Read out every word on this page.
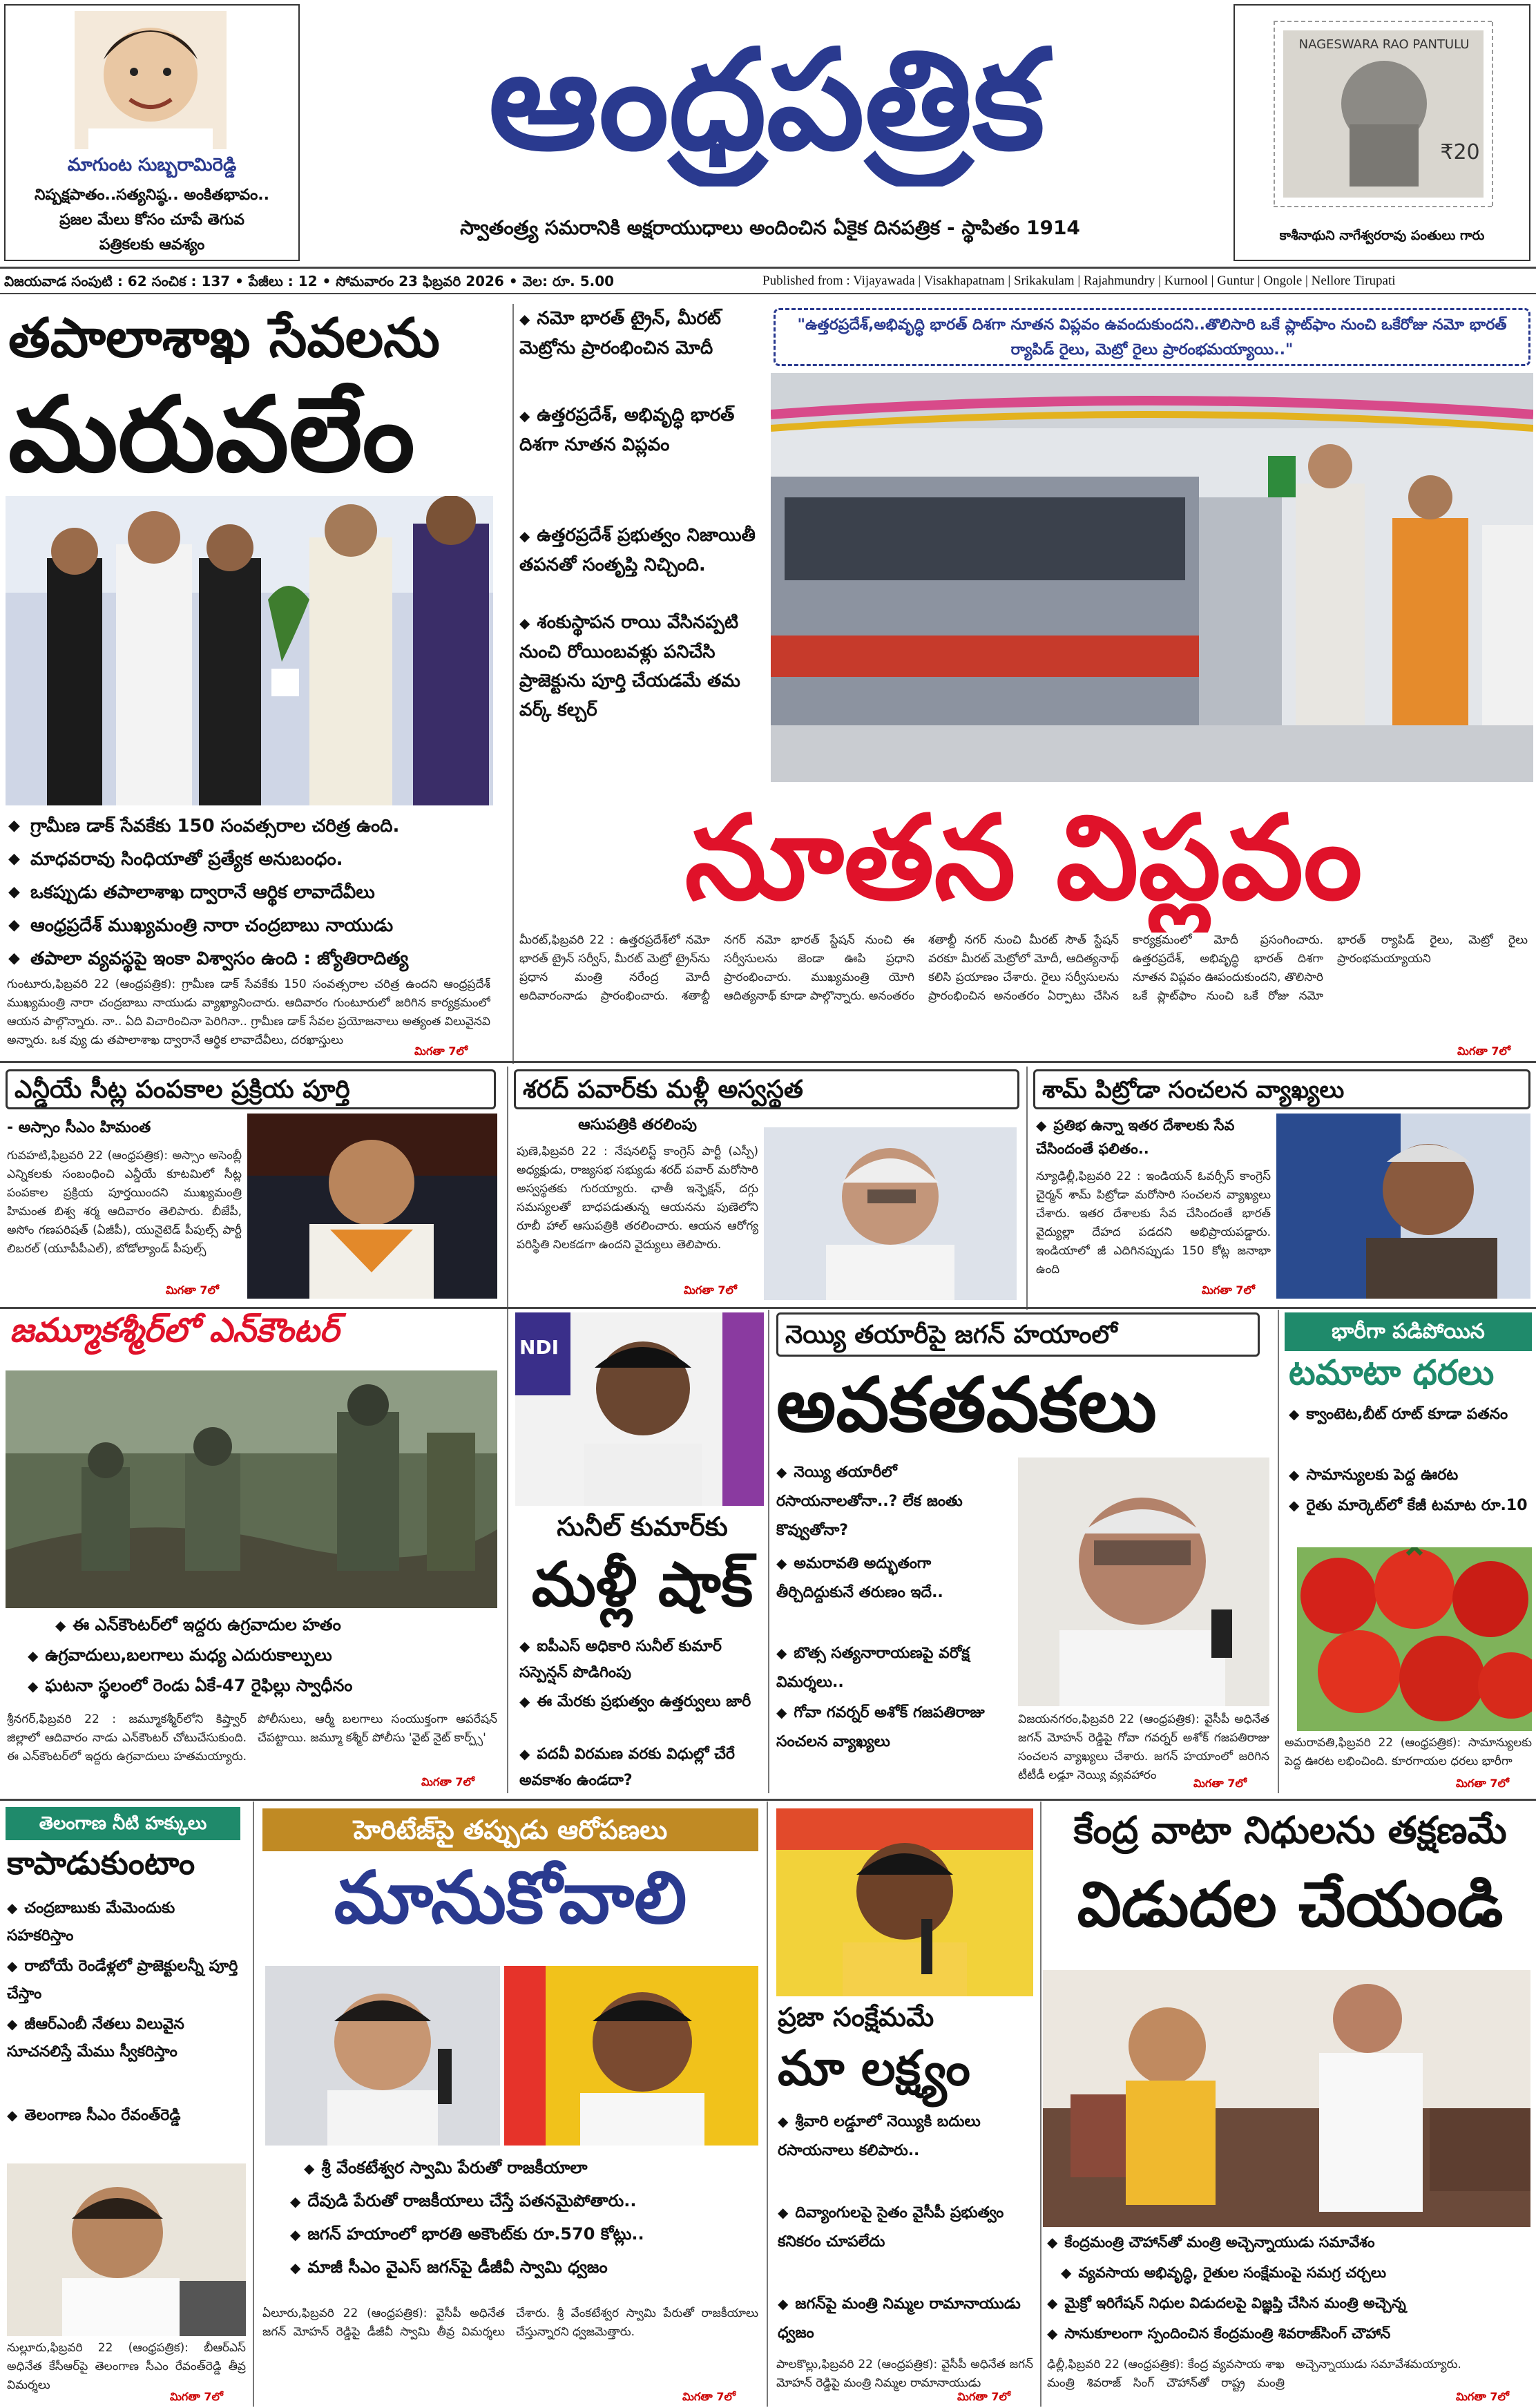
మాగుంట సుబ్బరామిరెడ్డి
నిష్పక్షపాతం..సత్యనిష్ఠ.. అంకితభావం..
ప్రజల మేలు కోసం చూపే తెగువ
పత్రికలకు ఆవశ్యం
ఆంధ్రపత్రిక
స్వాతంత్ర్య సమరానికి అక్షరాయుధాలు అందించిన ఏకైక దినపత్రిక - స్థాపితం 1914
NAGESWARA RAO PANTULU
₹20
కాశీనాథుని నాగేశ్వరరావు పంతులు గారు
విజయవాడ సంపుటి : 62 సంచిక : 137 • పేజీలు : 12 • సోమవారం 23 ఫిబ్రవరి 2026 • వెల: రూ. 5.00	Published from : Vijayawada | Visakhapatnam | Srikakulam | Rajahmundry | Kurnool | Guntur | Ongole | Nellore Tirupati
తపాలాశాఖ సేవలను
మరువలేం
◆ గ్రామీణ డాక్ సేవకేకు 150 సంవత్సరాల చరిత్ర ఉంది.
◆ మాధవరావు సింధియాతో ప్రత్యేక అనుబంధం.
◆ ఒకప్పుడు తపాలాశాఖ ద్వారానే ఆర్థిక లావాదేవీలు
◆ ఆంధ్రప్రదేశ్ ముఖ్యమంత్రి నారా చంద్రబాబు నాయుడు
◆ తపాలా వ్యవస్థపై ఇంకా విశ్వాసం ఉంది : జ్యోతిరాదిత్య
గుంటూరు,ఫిబ్రవరి 22 (ఆంధ్రపత్రిక): గ్రామీణ డాక్ సేవకేకు 150 సంవత్సరాల చరిత్ర ఉందని ఆంధ్రప్రదేశ్ ముఖ్యమంత్రి నారా చంద్రబాబు నాయుడు వ్యాఖ్యానించారు. ఆదివారం గుంటూరులో జరిగిన కార్యక్రమంలో ఆయన పాల్గొన్నారు. నా.. ఏది విచారించినా పెరిగినా.. గ్రామీణ డాక్ సేవల ప్రయోజనాలు అత్యంత విలువైనవి అన్నారు. ఒక వ్యు డు తపాలాశాఖ ద్వారానే ఆర్థిక లావాదేవీలు, దరఖాస్తులు
మిగతా 7లో
◆ నమో భారత్ ట్రైన్, మీరట్ మెట్రోను ప్రారంభించిన మోదీ
◆ ఉత్తరప్రదేశ్, అభివృద్ధి భారత్ దిశగా నూతన విప్లవం
◆ ఉత్తరప్రదేశ్ ప్రభుత్వం నిజాయితీ తపనతో సంతృప్తి నిచ్చింది.
◆ శంకుస్థాపన రాయి వేసినప్పటి నుంచి రోయింబవళ్లు పనిచేసి ప్రాజెక్టును పూర్తి చేయడమే తమ వర్క్ కల్చర్
"ఉత్తరప్రదేశ్,అభివృద్ధి భారత్ దిశగా నూతన విప్లవం ఉవందుకుందని..తొలిసారి ఒకే ప్లాట్‌ఫాం నుంచి ఒకేరోజు నమో భారత్ ర్యాపిడ్ రైలు, మెట్రో రైలు ప్రారంభమయ్యాయి.."
నూతన విప్లవం
మీరట్,ఫిబ్రవరి 22 : ఉత్తరప్రదేశ్‌లో నమో భారత్ ట్రైన్ సర్వీస్, మీరట్ మెట్రో ట్రైన్‌ను ప్రధాన మంత్రి నరేంద్ర మోదీ అదివారంనాడు ప్రారంభించారు. శతాబ్దీ నగర్ నమో భారత్ స్టేషన్ నుంచి ఈ సర్వీసులను జెండా ఊపి ప్రధాని ప్రారంభించారు. ముఖ్యమంత్రి యోగి ఆదిత్యనాథ్ కూడా పాల్గొన్నారు. అనంతరం శతాబ్దీ నగర్ నుంచి మీరట్ సౌత్ స్టేషన్ వరకూ మీరట్ మెట్రోలో మోదీ, ఆదిత్యనాథ్ కలిసి ప్రయాణం చేశారు. రైలు సర్వీసులను ప్రారంభించిన అనంతరం ఏర్పాటు చేసిన కార్యక్రమంలో మోదీ ప్రసంగించారు. ఉత్తరప్రదేశ్, అభివృద్ధి భారత్ దిశగా నూతన విప్లవం ఊపందుకుందని, తొలిసారి ఒకే ప్లాట్‌ఫాం నుంచి ఒకే రోజు నమో భారత్ ర్యాపిడ్ రైలు, మెట్రో రైలు ప్రారంభమయ్యాయని
మిగతా 7లో
ఎన్డీయే సీట్ల పంపకాల ప్రక్రియ పూర్తి
- అస్సాం సీఎం హిమంత
గువహటి,ఫిబ్రవరి 22 (ఆంధ్రపత్రిక): అస్సాం అసెంబ్లీ ఎన్నికలకు సంబంధించి ఎన్డీయే కూటమిలో సీట్ల పంపకాల ప్రక్రియ పూర్తయిందని ముఖ్యమంత్రి హిమంత బిశ్వ శర్మ ఆదివారం తెలిపారు. బీజేపీ, అసోం గణపరిషత్ (ఏజీపీ), యునైటెడ్ పీపుల్స్ పార్టీ లిబరల్ (యూపీపీఎల్), బోడోల్యాండ్ పీపుల్స్
మిగతా 7లో
శరద్ పవార్‌కు మళ్లీ అస్వస్థత
ఆసుపత్రికి తరలింపు
పుణె,ఫిబ్రవరి 22 : నేషనలిస్ట్ కాంగ్రెస్ పార్టీ (ఎస్పీ) అధ్యక్షుడు, రాజ్యసభ సభ్యుడు శరద్ పవార్ మరోసారి అస్వస్థతకు గురయ్యారు. ఛాతీ ఇన్ఫెక్షన్, దగ్గు సమస్యలతో బాధపడుతున్న ఆయనను పుణెలోని రూబీ హాల్ ఆసుపత్రికి తరలించారు. ఆయన ఆరోగ్య పరిస్థితి నిలకడగా ఉందని వైద్యులు తెలిపారు.
మిగతా 7లో
శామ్ పిట్రోడా సంచలన వ్యాఖ్యలు
◆ ప్రతిభ ఉన్నా ఇతర దేశాలకు సేవ చేసిందంతే ఫలితం..
న్యూఢిల్లీ,ఫిబ్రవరి 22 : ఇండియన్ ఓవర్సీస్ కాంగ్రెస్ చైర్మన్ శామ్ పిట్రోడా మరోసారి సంచలన వ్యాఖ్యలు చేశారు. ఇతర దేశాలకు సేవ చేసిందంతే భారత్ వైద్యుల్లా దేహద పడదని అభిప్రాయపడ్డారు. ఇండియాలో జీ ఎదిగినప్పుడు 150 కోట్ల జనాభా ఉంది
మిగతా 7లో
జమ్మూకశ్మీర్‌లో ఎన్‌కౌంటర్
◆ ఈ ఎన్‌కౌంటర్‌లో ఇద్దరు ఉగ్రవాదుల హతం
◆ ఉగ్రవాదులు,బలగాలు మధ్య ఎదురుకాల్పులు
◆ ఘటనా స్థలంలో రెండు ఏకే-47 రైఫిల్లు స్వాధీనం
శ్రీనగర్,ఫిబ్రవరి 22 : జమ్మూకశ్మీర్‌లోని కిష్త్వార్ జిల్లాలో ఆదివారం నాడు ఎన్‌కౌంటర్ చోటుచేసుకుంది. ఈ ఎన్‌కౌంటర్‌లో ఇద్దరు ఉగ్రవాదులు హతమయ్యారు. పోలీసులు, ఆర్మీ బలగాలు సంయుక్తంగా ఆపరేషన్ చేపట్టాయి. జమ్మూ కశ్మీర్ పోలీసు 'వైట్ నైట్ కార్ప్స్'
మిగతా 7లో
NDI
సునీల్ కుమార్‌కు
మళ్లీ షాక్
◆ ఐపీఎస్ అధికారి సునీల్ కుమార్ సస్పెన్షన్ పొడిగింపు
◆ ఈ మేరకు ప్రభుత్వం ఉత్తర్వులు జారీ
◆ పదవీ విరమణ వరకు విధుల్లో చేరే అవకాశం ఉండదా?
నెయ్యి తయారీపై జగన్ హయాంలో
అవకతవకలు
◆ నెయ్యి తయారీలో రసాయనాలతోనా..? లేక జంతు కొవ్వుతోనా?
◆ అమరావతి అద్భుతంగా తీర్చిదిద్దుకునే తరుణం ఇదే..
◆ బొత్స సత్యనారాయణపై వరోక్ష విమర్శలు..
◆ గోవా గవర్నర్ అశోక్ గజపతిరాజు సంచలన వ్యాఖ్యలు
విజయనగరం,ఫిబ్రవరి 22 (ఆంధ్రపత్రిక): వైసీపీ అధినేత జగన్ మోహన్ రెడ్డిపై గోవా గవర్నర్ అశోక్ గజపతిరాజు సంచలన వ్యాఖ్యలు చేశారు. జగన్ హయాంలో జరిగిన టీటీడీ లడ్డూ నెయ్యి వ్యవహారం
మిగతా 7లో
భారీగా పడిపోయిన
టమాటా ధరలు
◆ క్వాంటెట,బీట్ రూట్ కూడా పతనం
◆ సామాన్యులకు పెద్ద ఊరట
◆ రైతు మార్కెట్‌లో కేజీ టమాట రూ.10
అమరావతి,ఫిబ్రవరి 22 (ఆంధ్రపత్రిక): సామాన్యులకు పెద్ద ఊరట లభించింది. కూరగాయల ధరలు భారీగా
మిగతా 7లో
తెలంగాణ నీటి హక్కులు
కాపాడుకుంటాం
◆ చంద్రబాబుకు మేమెందుకు సహకరిస్తాం
◆ రాబోయే రెండేళ్లలో ప్రాజెక్టులన్నీ పూర్తి చేస్తాం
◆ జీఆర్ఎంబీ నేతలు విలువైన సూచనలిస్తే మేము స్వీకరిస్తాం
◆ తెలంగాణ సీఎం రేవంత్‌రెడ్డి
నుల్లూరు,ఫిబ్రవరి 22 (ఆంధ్రపత్రిక): బీఆర్ఎస్ అధినేత కేసీఆర్‌పై తెలంగాణ సీఎం రేవంత్‌రెడ్డి తీవ్ర విమర్శలు
మిగతా 7లో
హెరిటేజ్‌పై తప్పుడు ఆరోపణలు
మానుకోవాలి
◆ శ్రీ వేంకటేశ్వర స్వామి పేరుతో రాజకీయాలా
◆ దేవుడి పేరుతో రాజకీయాలు చేస్తే పతనమైపోతారు..
◆ జగన్ హయాంలో భారతి అకౌంట్‌కు రూ.570 కోట్లు..
◆ మాజీ సీఎం వైఎస్ జగన్‌పై డీజీవీ స్వామి ధ్వజం
ఏలూరు,ఫిబ్రవరి 22 (ఆంధ్రపత్రిక): వైసీపీ అధినేత జగన్ మోహన్ రెడ్డిపై డీజీవీ స్వామి తీవ్ర విమర్శలు చేశారు. శ్రీ వేంకటేశ్వర స్వామి పేరుతో రాజకీయాలు చేస్తున్నారని ధ్వజమెత్తారు.
మిగతా 7లో
ప్రజా సంక్షేమమే
మా లక్ష్యం
◆ శ్రీవారి లడ్డూలో నెయ్యికి బదులు రసాయనాలు కలిపారు..
◆ దివ్యాంగులపై సైతం వైసీపీ ప్రభుత్వం కనికరం చూపలేదు
◆ జగన్‌పై మంత్రి నిమ్మల రామానాయుడు ధ్వజం
పాలకొల్లు,ఫిబ్రవరి 22 (ఆంధ్రపత్రిక): వైసీపీ అధినేత జగన్ మోహన్ రెడ్డిపై మంత్రి నిమ్మల రామానాయుడు
మిగతా 7లో
కేంద్ర వాటా నిధులను తక్షణమే
విడుదల చేయండి
◆ కేంద్రమంత్రి చౌహాన్‌తో మంత్రి అచ్చెన్నాయుడు సమావేశం
◆ వ్యవసాయ అభివృద్ధి, రైతుల సంక్షేమంపై సమగ్ర చర్చలు
◆ మైక్రో ఇరిగేషన్ నిధుల విడుదలపై విజ్ఞప్తి చేసిన మంత్రి అచ్చెన్న
◆ సానుకూలంగా స్పందించిన కేంద్రమంత్రి శివరాజ్‌సింగ్ చౌహాన్
ఢిల్లీ,ఫిబ్రవరి 22 (ఆంధ్రపత్రిక): కేంద్ర వ్యవసాయ శాఖ మంత్రి శివరాజ్ సింగ్ చౌహాన్‌తో రాష్ట్ర మంత్రి అచ్చెన్నాయుడు సమావేశమయ్యారు.
మిగతా 7లో
